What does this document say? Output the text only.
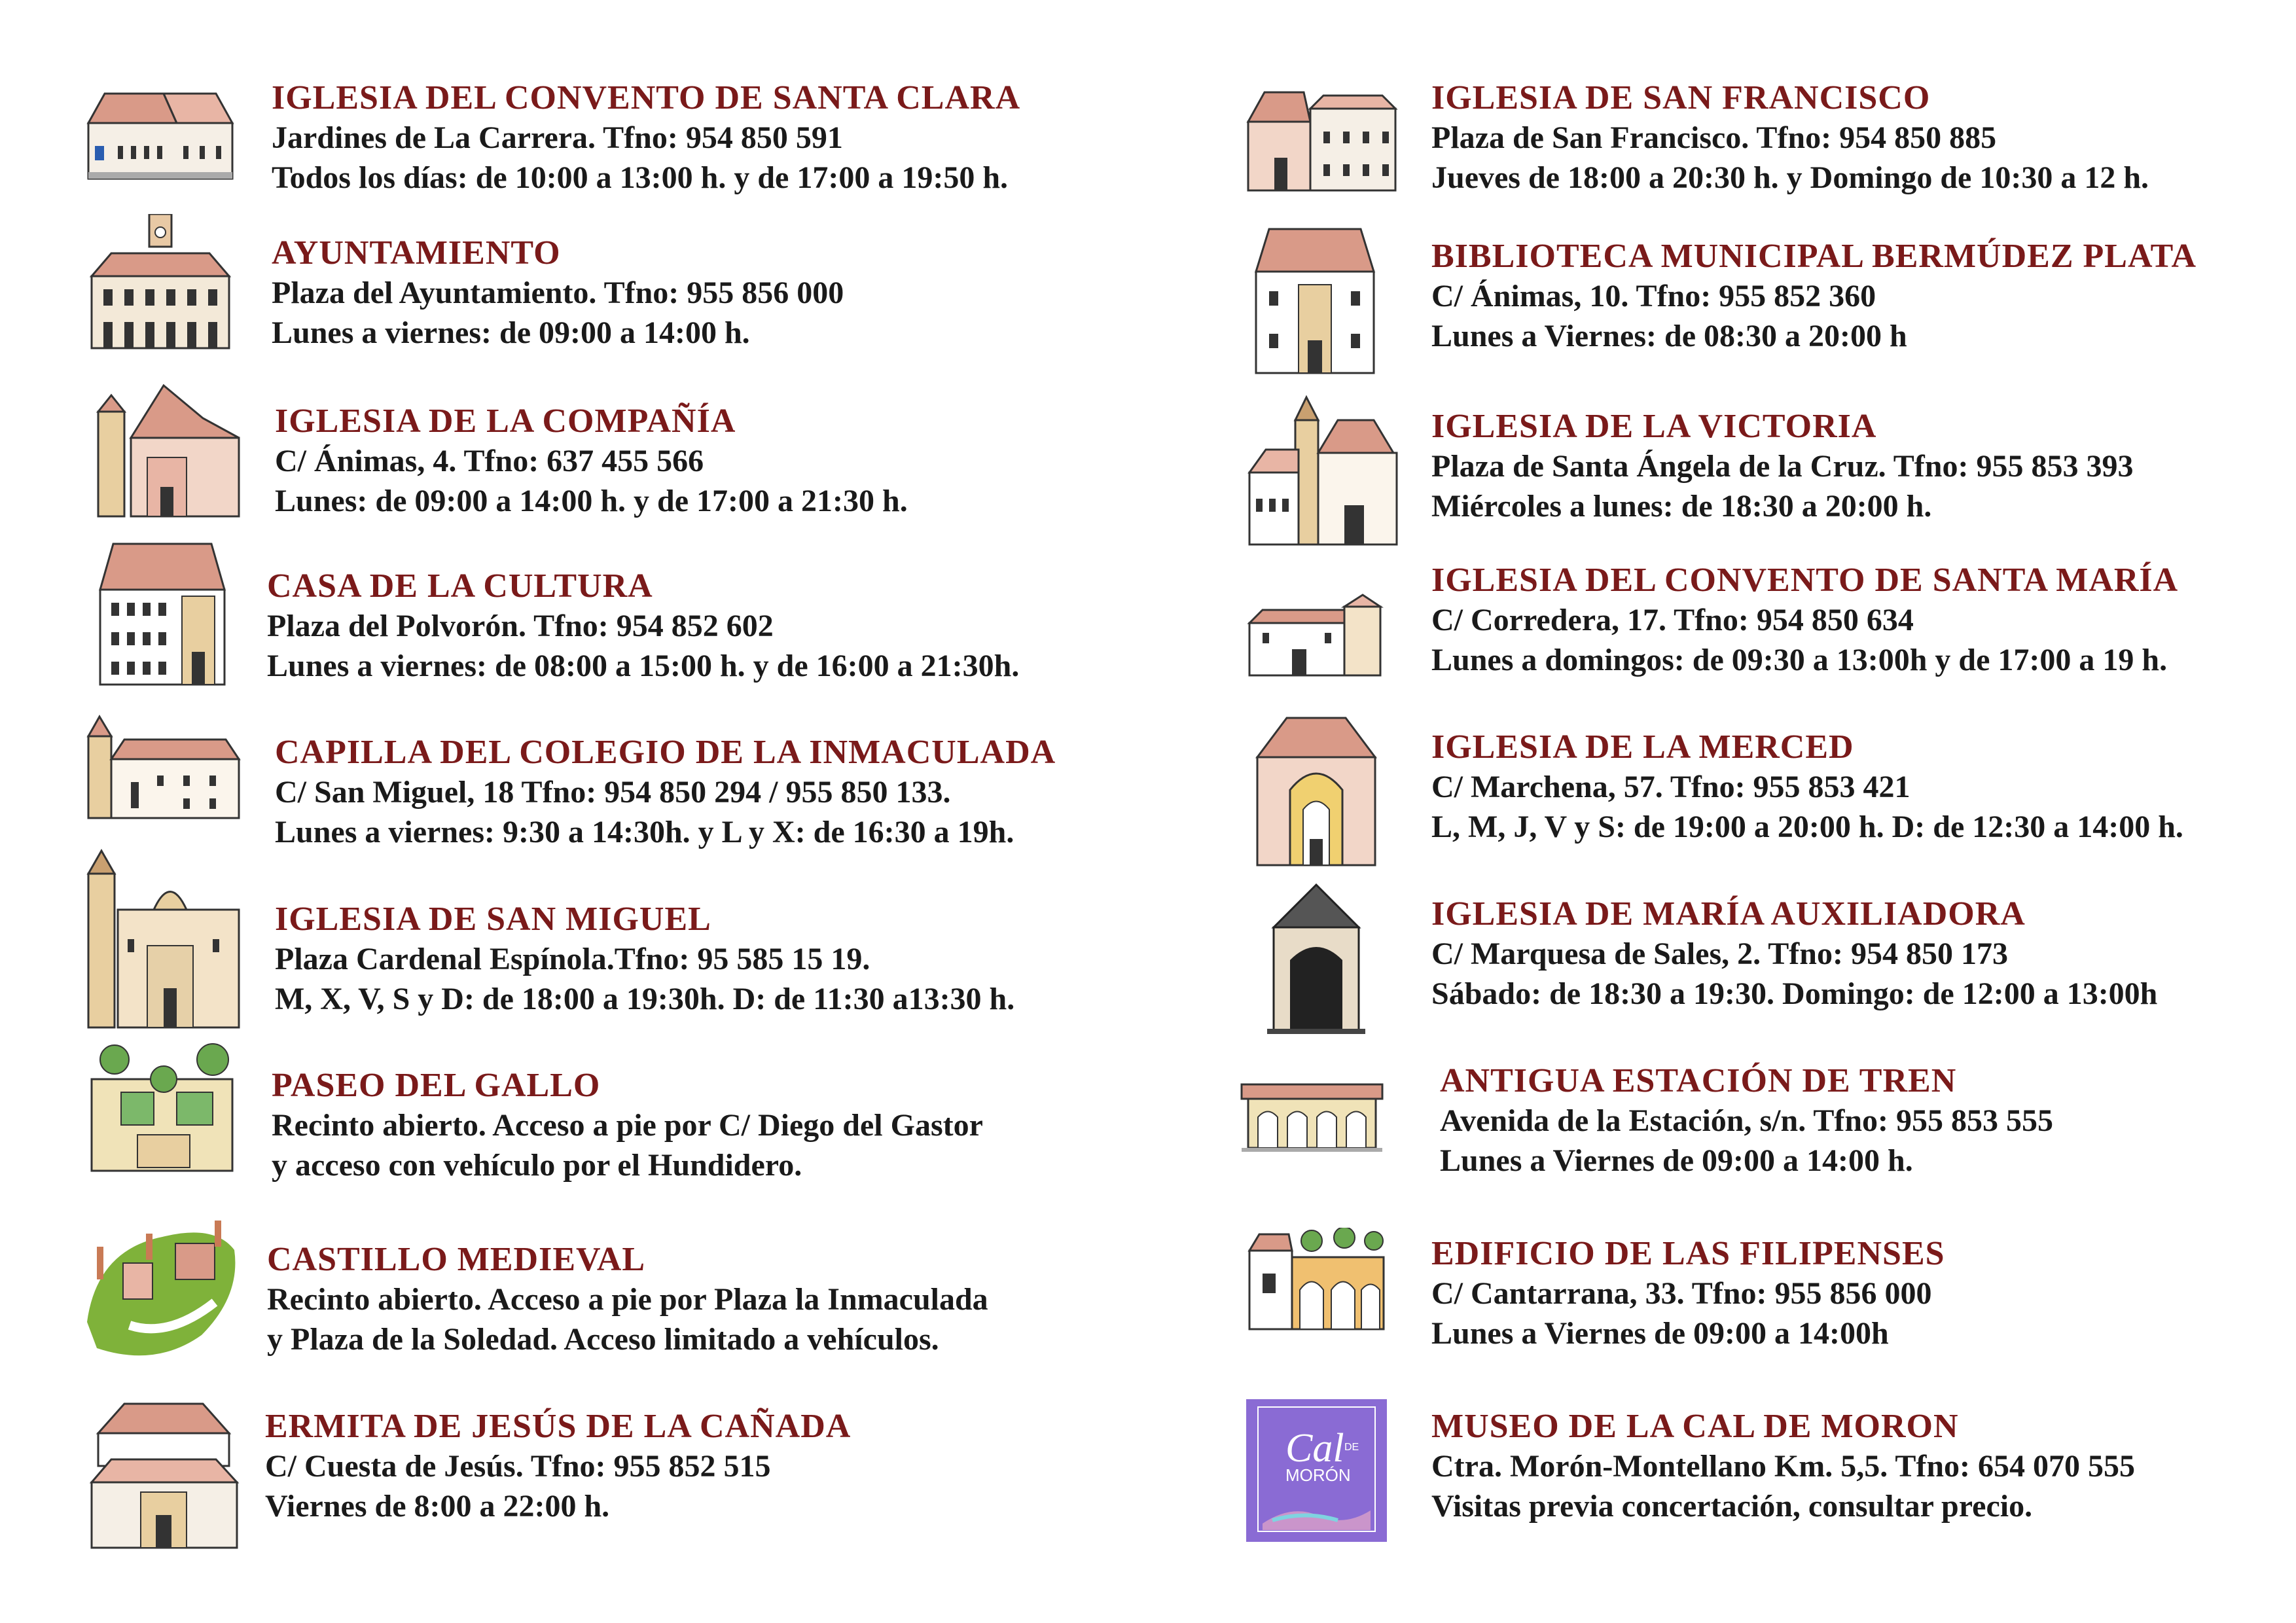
IGLESIA DEL CONVENTO DE SANTA CLARA
Jardines de La Carrera. Tfno: 954 850 591
Todos los días: de 10:00 a 13:00 h. y de 17:00 a 19:50 h.
AYUNTAMIENTO
Plaza del Ayuntamiento. Tfno: 955 856 000
Lunes a viernes: de 09:00 a 14:00 h.
IGLESIA DE LA COMPAÑÍA
C/ Ánimas, 4. Tfno: 637 455 566
Lunes: de 09:00 a 14:00 h. y de 17:00 a 21:30 h.
CASA DE LA CULTURA
Plaza del Polvorón. Tfno: 954 852 602
Lunes a viernes: de 08:00 a 15:00 h. y de 16:00 a 21:30h.
CAPILLA DEL COLEGIO DE LA INMACULADA
C/ San Miguel, 18 Tfno: 954 850 294 / 955 850 133.
Lunes a viernes: 9:30 a 14:30h. y L y X: de 16:30 a 19h.
IGLESIA DE SAN MIGUEL
Plaza Cardenal Espínola.Tfno: 95 585 15 19.
M, X, V, S y D: de 18:00 a 19:30h. D: de 11:30 a13:30 h.
PASEO DEL GALLO
Recinto abierto. Acceso a pie por C/ Diego del Gastor
y acceso con vehículo por el Hundidero.
CASTILLO MEDIEVAL
Recinto abierto. Acceso a pie por Plaza la Inmaculada
y Plaza de la Soledad. Acceso limitado a vehículos.
ERMITA DE JESÚS DE LA CAÑADA
C/ Cuesta de Jesús. Tfno: 955 852 515
Viernes de 8:00 a 22:00 h.
IGLESIA DE SAN FRANCISCO
Plaza de San Francisco. Tfno: 954 850 885
Jueves de 18:00 a 20:30 h. y Domingo de 10:30 a 12 h.
BIBLIOTECA MUNICIPAL BERMÚDEZ PLATA
C/ Ánimas, 10. Tfno: 955 852 360
Lunes a Viernes: de 08:30 a 20:00 h
IGLESIA DE LA VICTORIA
Plaza de Santa Ángela de la Cruz. Tfno: 955 853 393
Miércoles a lunes: de 18:30 a 20:00 h.
IGLESIA DEL CONVENTO DE SANTA MARÍA
C/ Corredera, 17. Tfno: 954 850 634
Lunes a domingos: de 09:30 a 13:00h y de 17:00 a 19 h.
IGLESIA DE LA MERCED
C/ Marchena, 57. Tfno: 955 853 421
L, M, J, V y S: de 19:00 a 20:00 h. D: de 12:30 a 14:00 h.
IGLESIA DE MARÍA AUXILIADORA
C/ Marquesa de Sales, 2. Tfno: 954 850 173
Sábado: de 18:30 a 19:30. Domingo: de 12:00 a 13:00h
ANTIGUA ESTACIÓN DE TREN
Avenida de la Estación, s/n. Tfno: 955 853 555
Lunes a Viernes de 09:00 a 14:00 h.
EDIFICIO DE LAS FILIPENSES
C/ Cantarrana, 33. Tfno: 955 856 000
Lunes a Viernes de 09:00 a 14:00h
Cal DE
MORÓN
MUSEO DE LA CAL DE MORON
Ctra. Morón-Montellano Km. 5,5. Tfno: 654 070 555
Visitas previa concertación, consultar precio.
